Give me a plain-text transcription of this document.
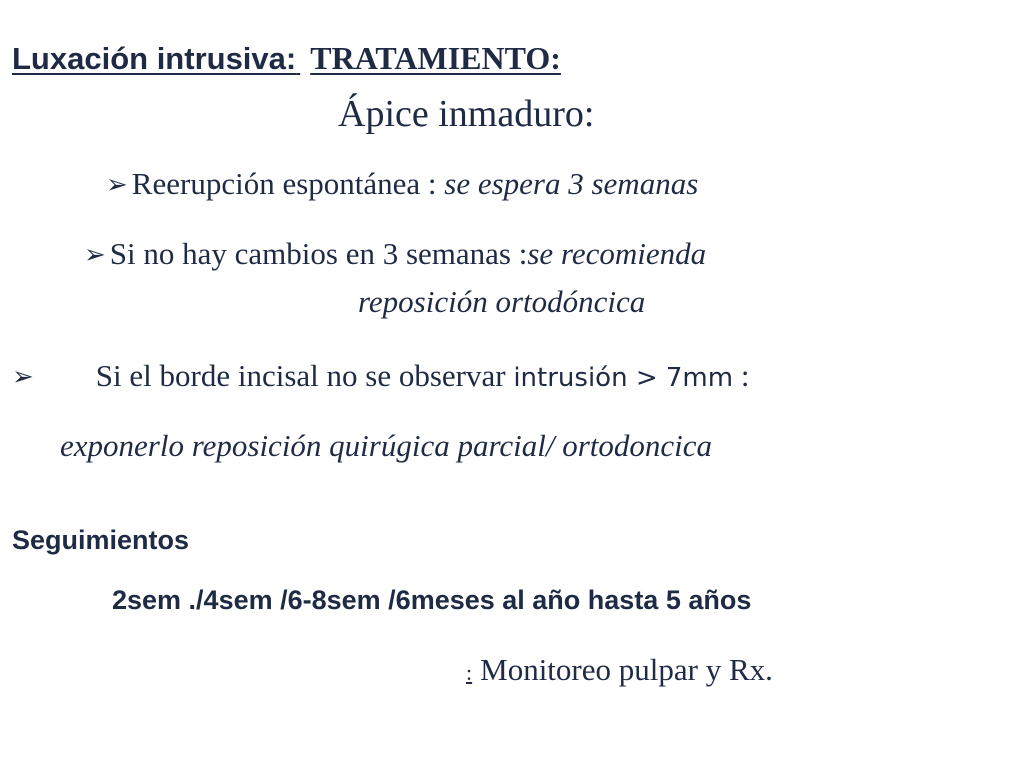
Luxación intrusiva: TRATAMIENTO:
Ápice inmaduro:
➢ Reerupción espontánea : se espera 3 semanas
➢ Si no hay cambios en 3 semanas :se recomienda
reposición ortodóncica
➢ Si el borde incisal no se observar intrusión > 7mm :
exponerlo reposición quirúgica parcial/ ortodoncica
Seguimientos
2sem ./4sem /6-8sem /6meses al año hasta 5 años
: Monitoreo pulpar y Rx.
